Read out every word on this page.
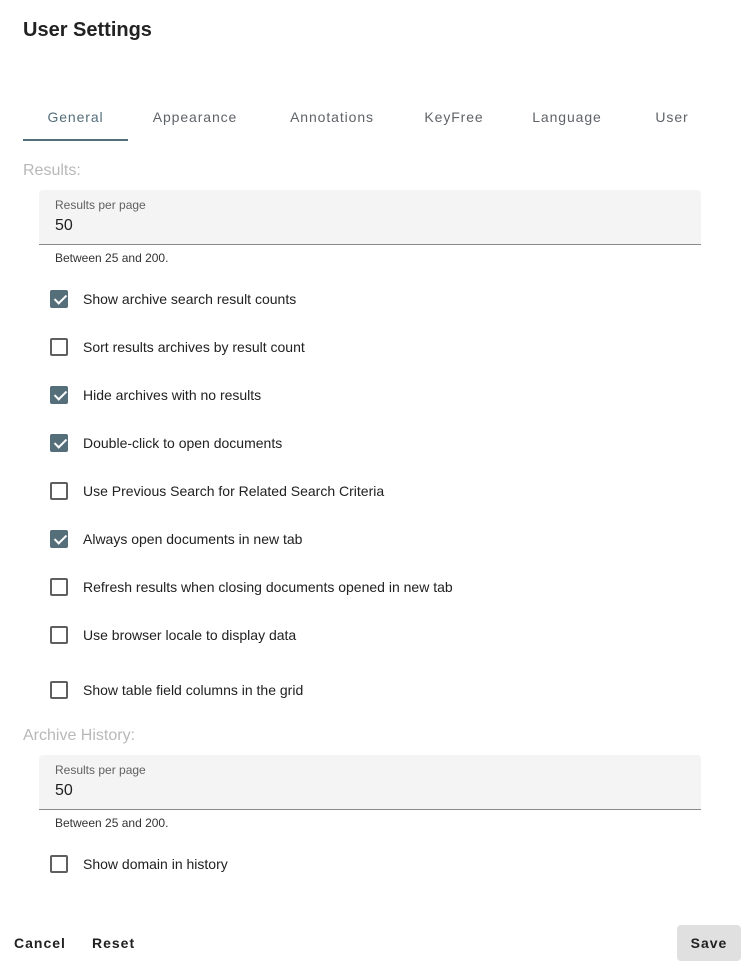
User Settings
General	Appearance	Annotations	KeyFree	Language	User
Results:
Results per page
50
Between 25 and 200.
Show archive search result counts
Sort results archives by result count
Hide archives with no results
Double-click to open documents
Use Previous Search for Related Search Criteria
Always open documents in new tab
Refresh results when closing documents opened in new tab
Use browser locale to display data
Show table field columns in the grid
Archive History:
Results per page
50
Between 25 and 200.
Show domain in history
Cancel Reset	Save
